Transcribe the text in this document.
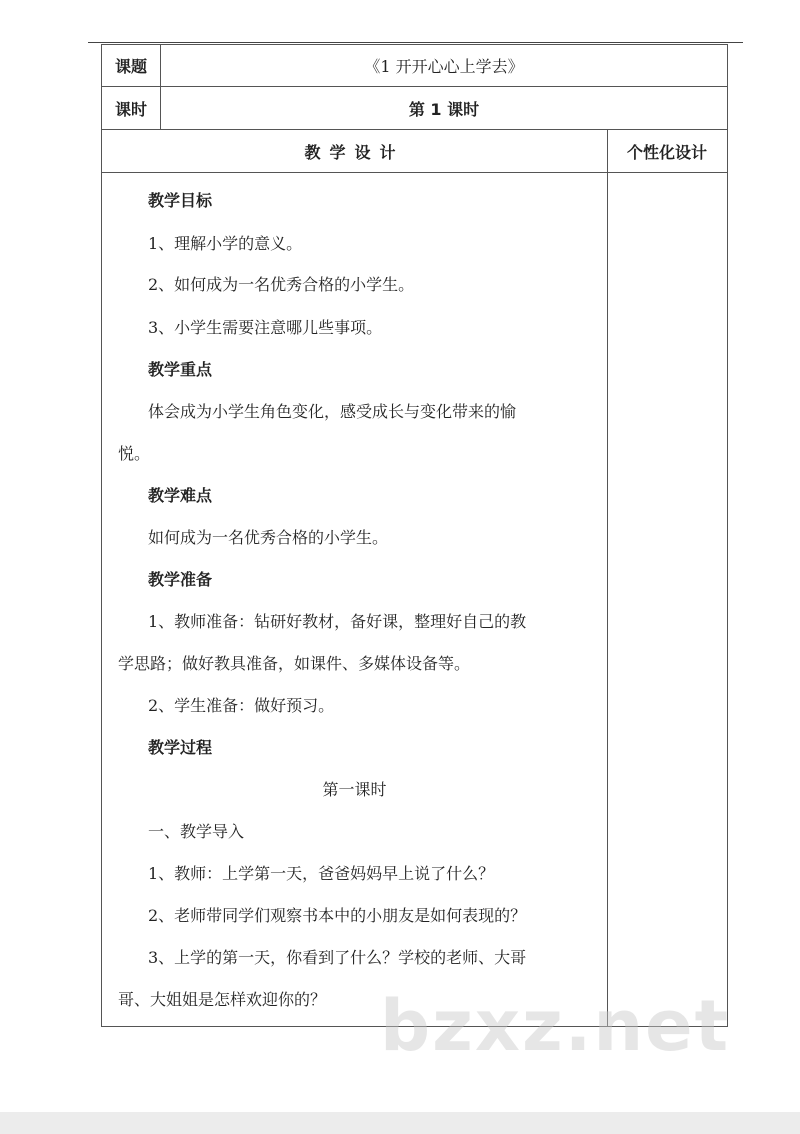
课题	《1 开开心心上学去》
课时	第 1 课时
教学设计	个性化设计
教学目标
1、理解小学的意义。
2、如何成为一名优秀合格的小学生。
3、小学生需要注意哪儿些事项。
教学重点
体会成为小学生角色变化，感受成长与变化带来的愉
悦。
教学难点
如何成为一名优秀合格的小学生。
教学准备
1、教师准备：钻研好教材，备好课，整理好自己的教
学思路；做好教具准备，如课件、多媒体设备等。
2、学生准备：做好预习。
教学过程
第一课时
一、教学导入
1、教师：上学第一天，爸爸妈妈早上说了什么？
2、老师带同学们观察书本中的小朋友是如何表现的？
3、上学的第一天，你看到了什么？学校的老师、大哥
哥、大姐姐是怎样欢迎你的？ bzxz.net
